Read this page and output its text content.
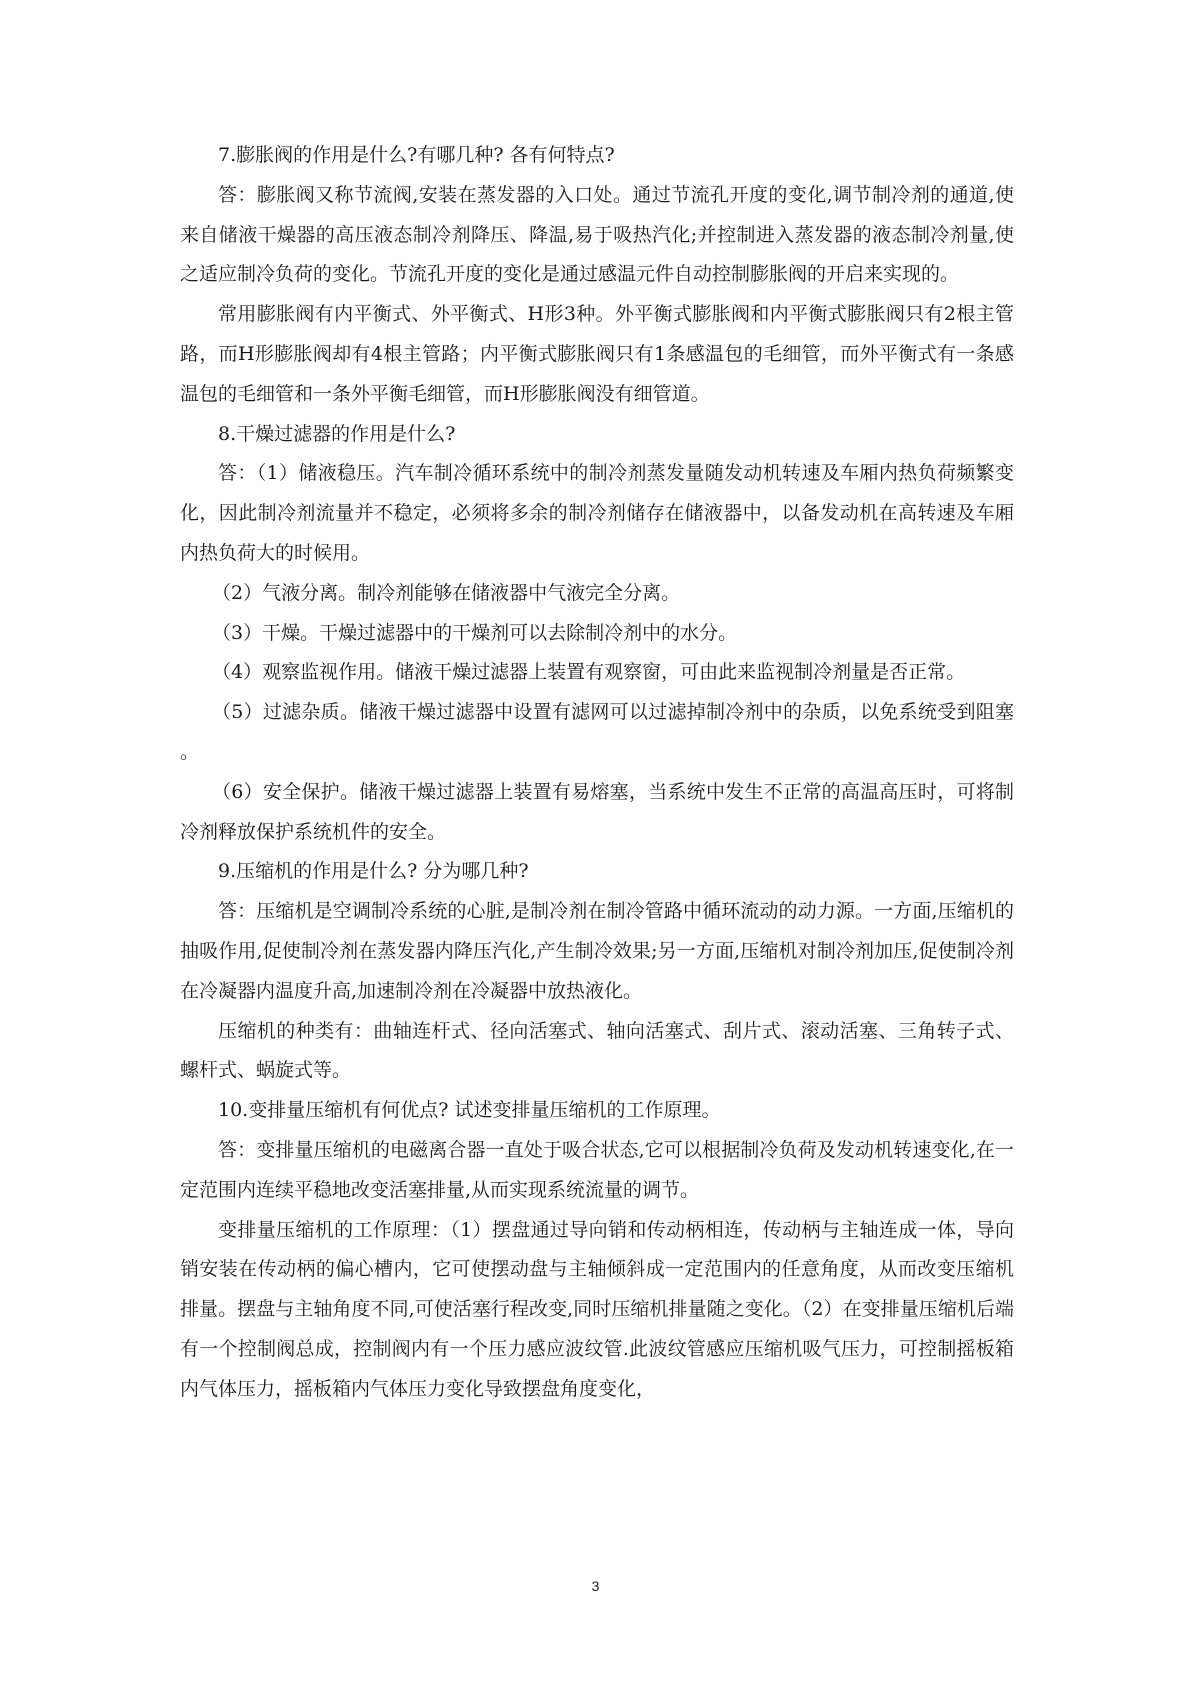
7.膨胀阀的作用是什么?有哪几种? 各有何特点?

答：膨胀阀又称节流阀,安装在蒸发器的入口处。通过节流孔开度的变化,调节制冷剂的通道,使来自储液干燥器的高压液态制冷剂降压、降温,易于吸热汽化;并控制进入蒸发器的液态制冷剂量,使之适应制冷负荷的变化。节流孔开度的变化是通过感温元件自动控制膨胀阀的开启来实现的。

常用膨胀阀有内平衡式、外平衡式、H形3种。外平衡式膨胀阀和内平衡式膨胀阀只有2根主管路，而H形膨胀阀却有4根主管路；内平衡式膨胀阀只有1条感温包的毛细管，而外平衡式有一条感温包的毛细管和一条外平衡毛细管，而H形膨胀阀没有细管道。

8.干燥过滤器的作用是什么?

答：（1）储液稳压。汽车制冷循环系统中的制冷剂蒸发量随发动机转速及车厢内热负荷频繁变化，因此制冷剂流量并不稳定，必须将多余的制冷剂储存在储液器中，以备发动机在高转速及车厢内热负荷大的时候用。

（2）气液分离。制冷剂能够在储液器中气液完全分离。

（3）干燥。干燥过滤器中的干燥剂可以去除制冷剂中的水分。

（4）观察监视作用。储液干燥过滤器上装置有观察窗，可由此来监视制冷剂量是否正常。

（5）过滤杂质。储液干燥过滤器中设置有滤网可以过滤掉制冷剂中的杂质，以免系统受到阻塞。

（6）安全保护。储液干燥过滤器上装置有易熔塞，当系统中发生不正常的高温高压时，可将制冷剂释放保护系统机件的安全。

9.压缩机的作用是什么? 分为哪几种?

答：压缩机是空调制冷系统的心脏,是制冷剂在制冷管路中循环流动的动力源。一方面,压缩机的抽吸作用,促使制冷剂在蒸发器内降压汽化,产生制冷效果;另一方面,压缩机对制冷剂加压,促使制冷剂在冷凝器内温度升高,加速制冷剂在冷凝器中放热液化。

压缩机的种类有：曲轴连杆式、径向活塞式、轴向活塞式、刮片式、滚动活塞、三角转子式、螺杆式、蜗旋式等。

10.变排量压缩机有何优点? 试述变排量压缩机的工作原理。

答：变排量压缩机的电磁离合器一直处于吸合状态,它可以根据制冷负荷及发动机转速变化,在一定范围内连续平稳地改变活塞排量,从而实现系统流量的调节。

变排量压缩机的工作原理：（1）摆盘通过导向销和传动柄相连，传动柄与主轴连成一体，导向销安装在传动柄的偏心槽内，它可使摆动盘与主轴倾斜成一定范围内的任意角度，从而改变压缩机排量。摆盘与主轴角度不同,可使活塞行程改变,同时压缩机排量随之变化。（2）在变排量压缩机后端有一个控制阀总成，控制阀内有一个压力感应波纹管.此波纹管感应压缩机吸气压力，可控制摇板箱内气体压力，摇板箱内气体压力变化导致摆盘角度变化，

3
